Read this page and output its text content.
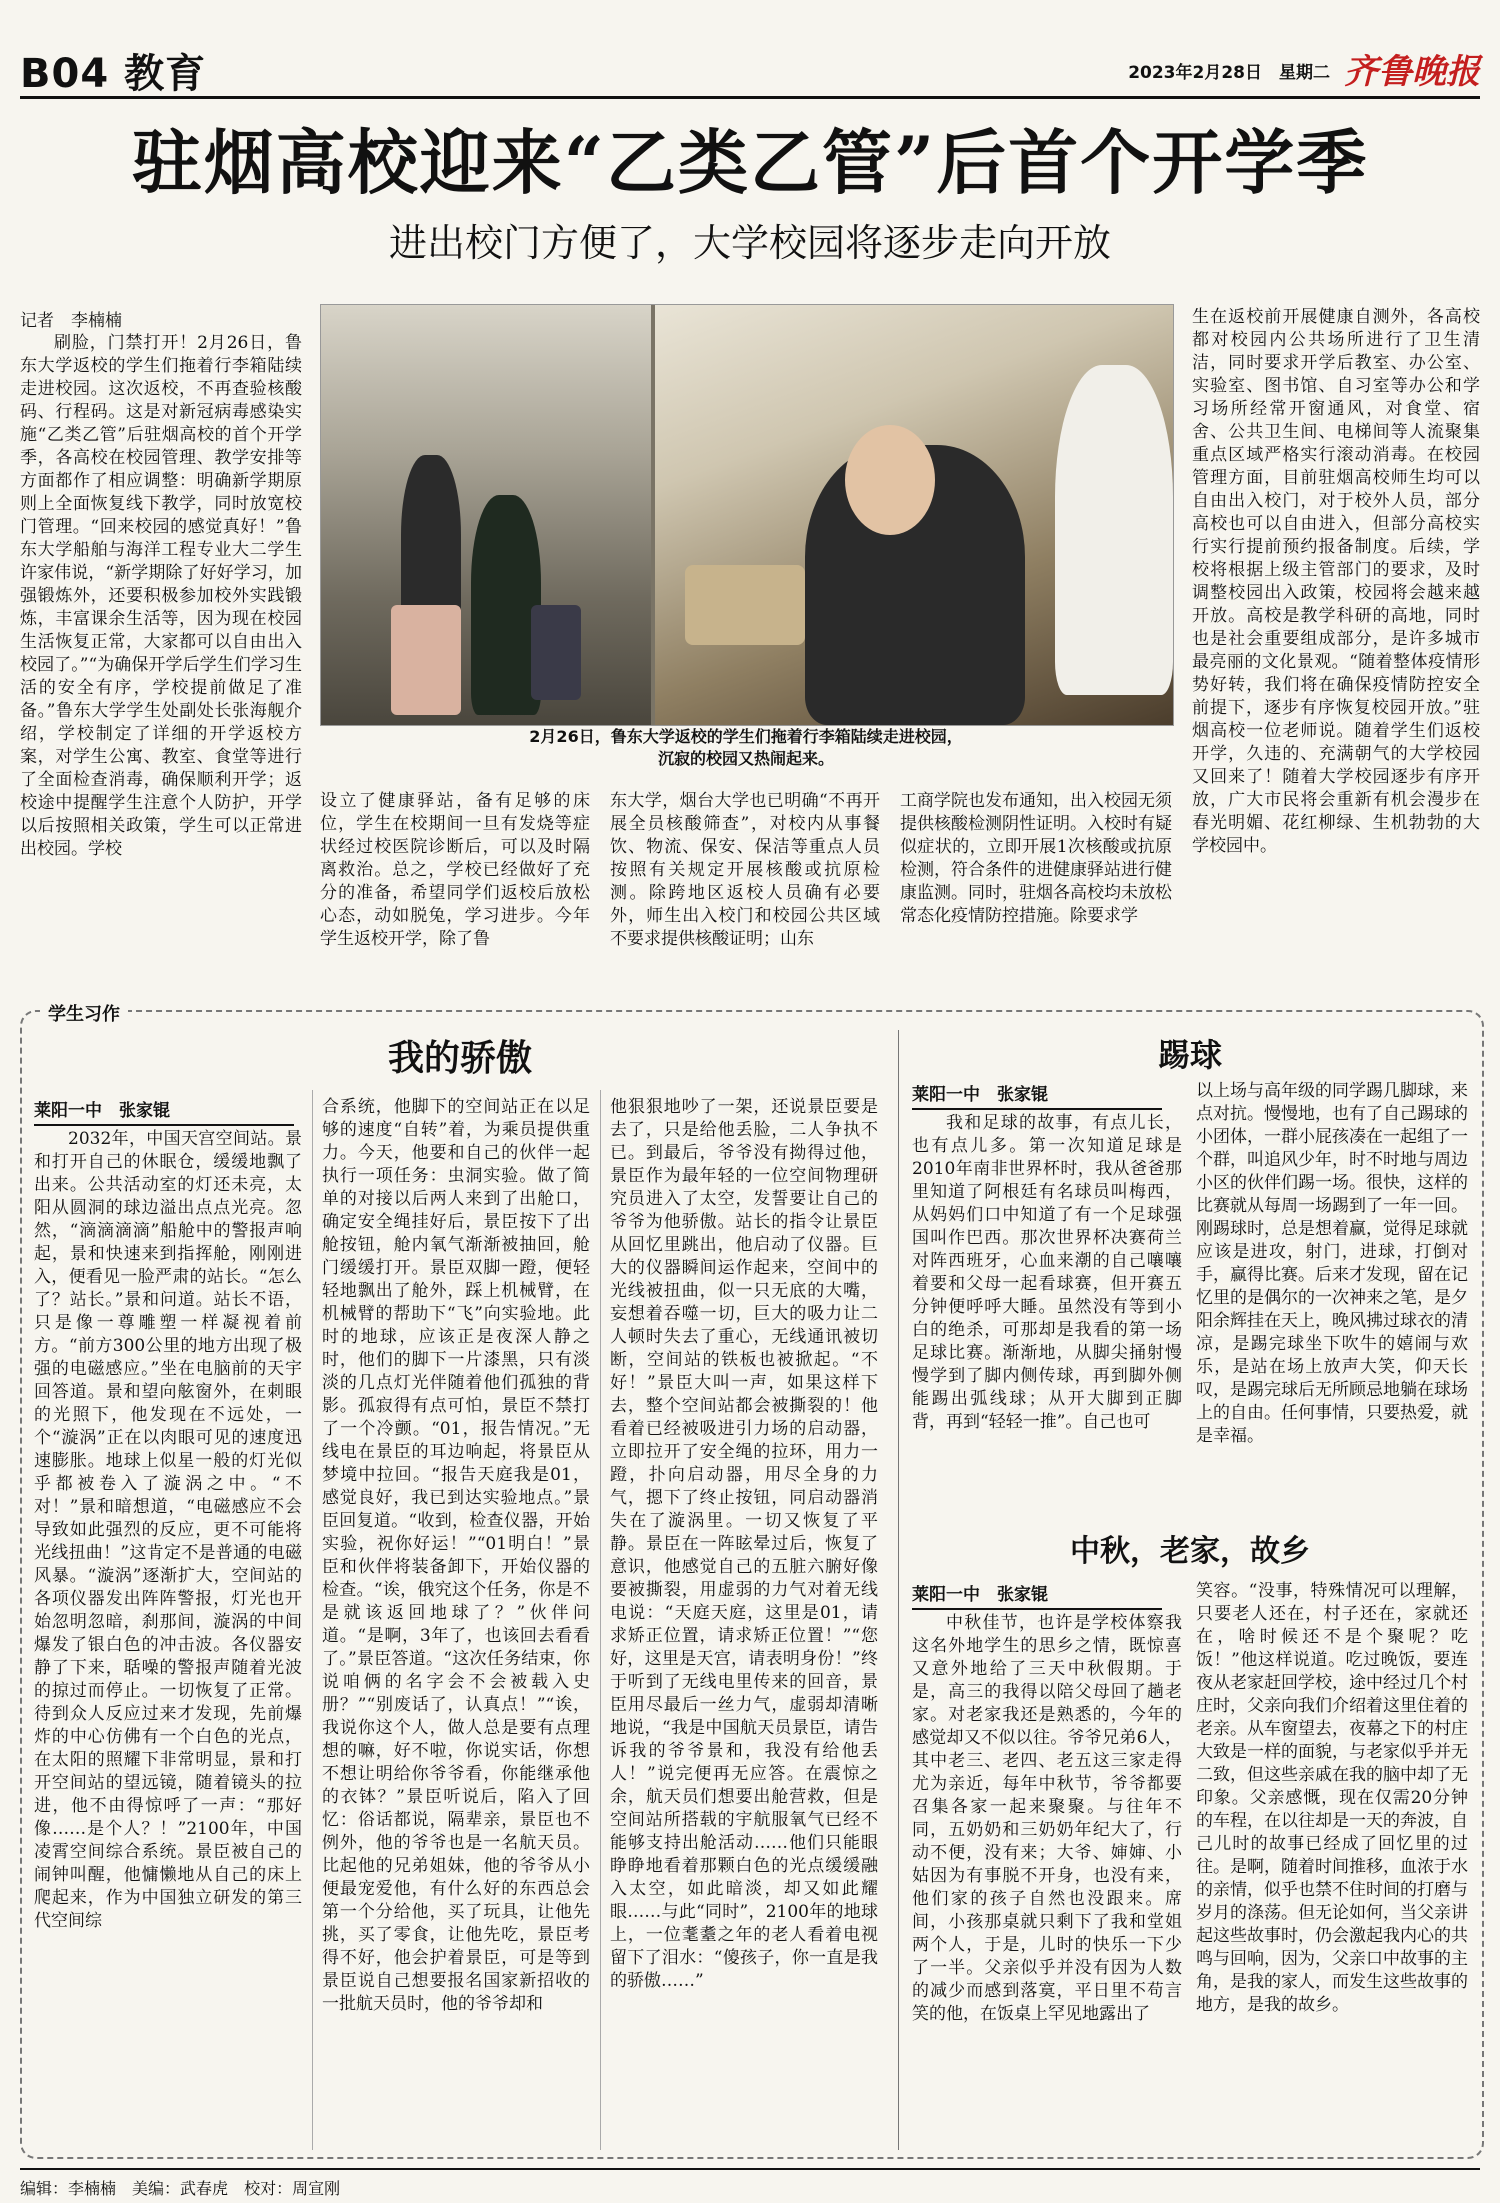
B04 教育	2023年2月28日　 星期二 齐鲁晚报
驻烟高校迎来“乙类乙管”后首个开学季
进出校门方便了，大学校园将逐步走向开放
记者　李楠楠

刷脸，门禁打开！2月26日，鲁东大学返校的学生们拖着行李箱陆续走进校园。这次返校，不再查验核酸码、行程码。这是对新冠病毒感染实施“乙类乙管”后驻烟高校的首个开学季，各高校在校园管理、教学安排等方面都作了相应调整：明确新学期原则上全面恢复线下教学，同时放宽校门管理。“回来校园的感觉真好！”鲁东大学船舶与海洋工程专业大二学生许家伟说，“新学期除了好好学习，加强锻炼外，还要积极参加校外实践锻炼，丰富课余生活等，因为现在校园生活恢复正常，大家都可以自由出入校园了。”“为确保开学后学生们学习生活的安全有序，学校提前做足了准备。”鲁东大学学生处副处长张海舰介绍，学校制定了详细的开学返校方案，对学生公寓、教室、食堂等进行了全面检查消毒，确保顺利开学；返校途中提醒学生注意个人防护，开学以后按照相关政策，学生可以正常进出校园。学校

2月26日，鲁东大学返校的学生们拖着行李箱陆续走进校园，
沉寂的校园又热闹起来。

设立了健康驿站，备有足够的床位，学生在校期间一旦有发烧等症状经过校医院诊断后，可以及时隔离救治。总之，学校已经做好了充分的准备，希望同学们返校后放松心态，动如脱兔，学习进步。今年学生返校开学，除了鲁

东大学，烟台大学也已明确“不再开展全员核酸筛查”，对校内从事餐饮、物流、保安、保洁等重点人员按照有关规定开展核酸或抗原检测。除跨地区返校人员确有必要外，师生出入校门和校园公共区域不要求提供核酸证明；山东

工商学院也发布通知，出入校园无须提供核酸检测阴性证明。入校时有疑似症状的，立即开展1次核酸或抗原检测，符合条件的进健康驿站进行健康监测。同时，驻烟各高校均未放松常态化疫情防控措施。除要求学

生在返校前开展健康自测外，各高校都对校园内公共场所进行了卫生清洁，同时要求开学后教室、办公室、实验室、图书馆、自习室等办公和学习场所经常开窗通风，对食堂、宿舍、公共卫生间、电梯间等人流聚集重点区域严格实行滚动消毒。在校园管理方面，目前驻烟高校师生均可以自由出入校门，对于校外人员，部分高校也可以自由进入，但部分高校实行实行提前预约报备制度。后续，学校将根据上级主管部门的要求，及时调整校园出入政策，校园将会越来越开放。高校是教学科研的高地，同时也是社会重要组成部分，是许多城市最亮丽的文化景观。“随着整体疫情形势好转，我们将在确保疫情防控安全前提下，逐步有序恢复校园开放。”驻烟高校一位老师说。随着学生们返校开学，久违的、充满朝气的大学校园又回来了！随着大学校园逐步有序开放，广大市民将会重新有机会漫步在春光明媚、花红柳绿、生机勃勃的大学校园中。

学生习作
我的骄傲
莱阳一中　张家锟

2032年，中国天宫空间站。景和打开自己的休眠仓，缓缓地飘了出来。公共活动室的灯还未亮，太阳从圆洞的球边溢出点点光亮。忽然，“滴滴滴滴”船舱中的警报声响起，景和快速来到指挥舱，刚刚进入，便看见一脸严肃的站长。“怎么了？站长。”景和问道。站长不语，只是像一尊雕塑一样凝视着前方。“前方300公里的地方出现了极强的电磁感应。”坐在电脑前的天宇回答道。景和望向舷窗外，在刺眼的光照下，他发现在不远处，一个“漩涡”正在以肉眼可见的速度迅速膨胀。地球上似星一般的灯光似乎都被卷入了漩涡之中。“不对！”景和暗想道，“电磁感应不会导致如此强烈的反应，更不可能将光线扭曲！”这肯定不是普通的电磁风暴。“漩涡”逐渐扩大，空间站的各项仪器发出阵阵警报，灯光也开始忽明忽暗，刹那间，漩涡的中间爆发了银白色的冲击波。各仪器安静了下来，聒噪的警报声随着光波的掠过而停止。一切恢复了正常。待到众人反应过来才发现，先前爆炸的中心仿佛有一个白色的光点，在太阳的照耀下非常明显，景和打开空间站的望远镜，随着镜头的拉进，他不由得惊呼了一声：“那好像……是个人？！”2100年，中国凌霄空间综合系统。景臣被自己的闹钟叫醒，他慵懒地从自己的床上爬起来，作为中国独立研发的第三代空间综

合系统，他脚下的空间站正在以足够的速度“自转”着，为乘员提供重力。今天，他要和自己的伙伴一起执行一项任务：虫洞实验。做了简单的对接以后两人来到了出舱口，确定安全绳挂好后，景臣按下了出舱按钮，舱内氧气渐渐被抽回，舱门缓缓打开。景臣双脚一蹬，便轻轻地飘出了舱外，踩上机械臂，在机械臂的帮助下“飞”向实验地。此时的地球，应该正是夜深人静之时，他们的脚下一片漆黑，只有淡淡的几点灯光伴随着他们孤独的背影。孤寂得有点可怕，景臣不禁打了一个冷颤。“01，报告情况。”无线电在景臣的耳边响起，将景臣从梦境中拉回。“报告天庭我是01，感觉良好，我已到达实验地点。”景臣回复道。“收到，检查仪器，开始实验，祝你好运！”“01明白！”景臣和伙伴将装备卸下，开始仪器的检查。“诶，俄究这个任务，你是不是就该返回地球了？”伙伴问道。“是啊，3年了，也该回去看看了。”景臣答道。“这次任务结束，你说咱俩的名字会不会被载入史册？”“别废话了，认真点！”“诶，我说你这个人，做人总是要有点理想的嘛，好不啦，你说实话，你想不想让明给你爷爷看，你能继承他的衣钵？”景臣听说后，陷入了回忆：俗话都说，隔辈亲，景臣也不例外，他的爷爷也是一名航天员。比起他的兄弟姐妹，他的爷爷从小便最宠爱他，有什么好的东西总会第一个分给他，买了玩具，让他先挑，买了零食，让他先吃，景臣考得不好，他会护着景臣，可是等到景臣说自己想要报名国家新招收的一批航天员时，他的爷爷却和

他狠狠地吵了一架，还说景臣要是去了，只是给他丢脸，二人争执不已。到最后，爷爷没有拗得过他，景臣作为最年轻的一位空间物理研究员进入了太空，发誓要让自己的爷爷为他骄傲。站长的指令让景臣从回忆里跳出，他启动了仪器。巨大的仪器瞬间运作起来，空间中的光线被扭曲，似一只无底的大嘴，妄想着吞噬一切，巨大的吸力让二人顿时失去了重心，无线通讯被切断，空间站的铁板也被掀起。“不好！”景臣大叫一声，如果这样下去，整个空间站都会被撕裂的！他看着已经被吸进引力场的启动器，立即拉开了安全绳的拉环，用力一蹬，扑向启动器，用尽全身的力气，摁下了终止按钮，同启动器消失在了漩涡里。一切又恢复了平静。景臣在一阵眩晕过后，恢复了意识，他感觉自己的五脏六腑好像要被撕裂，用虚弱的力气对着无线电说：“天庭天庭，这里是01，请求矫正位置，请求矫正位置！”“您好，这里是天宫，请表明身份！”终于听到了无线电里传来的回音，景臣用尽最后一丝力气，虚弱却清晰地说，“我是中国航天员景臣，请告诉我的爷爷景和，我没有给他丢人！”说完便再无应答。在震惊之余，航天员们想要出舱营救，但是空间站所搭载的宇航服氧气已经不能够支持出舱活动……他们只能眼睁睁地看着那颗白色的光点缓缓融入太空，如此暗淡，却又如此耀眼……与此“同时”，2100年的地球上，一位耄耋之年的老人看着电视留下了泪水：“傻孩子，你一直是我的骄傲……”

踢球
莱阳一中　张家锟

我和足球的故事，有点儿长，也有点儿多。第一次知道足球是2010年南非世界杯时，我从爸爸那里知道了阿根廷有名球员叫梅西，从妈妈们口中知道了有一个足球强国叫作巴西。那次世界杯决赛荷兰对阵西班牙，心血来潮的自己嚷嚷着要和父母一起看球赛，但开赛五分钟便呼呼大睡。虽然没有等到小白的绝杀，可那却是我看的第一场足球比赛。渐渐地，从脚尖捅射慢慢学到了脚内侧传球，再到脚外侧能踢出弧线球；从开大脚到正脚背，再到“轻轻一推”。自己也可

以上场与高年级的同学踢几脚球，来点对抗。慢慢地，也有了自己踢球的小团体，一群小屁孩凑在一起组了一个群，叫追风少年，时不时地与周边小区的伙伴们踢一场。很快，这样的比赛就从每周一场踢到了一年一回。刚踢球时，总是想着赢，觉得足球就应该是进攻，射门，进球，打倒对手，赢得比赛。后来才发现，留在记忆里的是偶尔的一次神来之笔，是夕阳余辉挂在天上，晚风拂过球衣的清凉，是踢完球坐下吹牛的嬉闹与欢乐，是站在场上放声大笑，仰天长叹，是踢完球后无所顾忌地躺在球场上的自由。任何事情，只要热爱，就是幸福。

中秋，老家，故乡
莱阳一中　张家锟

中秋佳节，也许是学校体察我这名外地学生的思乡之情，既惊喜又意外地给了三天中秋假期。于是，高三的我得以陪父母回了趟老家。对老家我还是熟悉的，今年的感觉却又不似以往。爷爷兄弟6人，其中老三、老四、老五这三家走得尤为亲近，每年中秋节，爷爷都要召集各家一起来聚聚。与往年不同，五奶奶和三奶奶年纪大了，行动不便，没有来；大爷、婶婶、小姑因为有事脱不开身，也没有来，他们家的孩子自然也没跟来。席间，小孩那桌就只剩下了我和堂姐两个人，于是，儿时的快乐一下少了一半。父亲似乎并没有因为人数的减少而感到落寞，平日里不苟言笑的他，在饭桌上罕见地露出了

笑容。“没事，特殊情况可以理解，只要老人还在，村子还在，家就还在，啥时候还不是个聚呢？吃饭！”他这样说道。吃过晚饭，要连夜从老家赶回学校，途中经过几个村庄时，父亲向我们介绍着这里住着的老亲。从车窗望去，夜幕之下的村庄大致是一样的面貌，与老家似乎并无二致，但这些亲戚在我的脑中却了无印象。父亲感慨，现在仅需20分钟的车程，在以往却是一天的奔波，自己儿时的故事已经成了回忆里的过往。是啊，随着时间推移，血浓于水的亲情，似乎也禁不住时间的打磨与岁月的涤荡。但无论如何，当父亲讲起这些故事时，仍会激起我内心的共鸣与回响，因为，父亲口中故事的主角，是我的家人，而发生这些故事的地方，是我的故乡。

编辑：李楠楠　 美编：武春虎　 校对：周宣刚
